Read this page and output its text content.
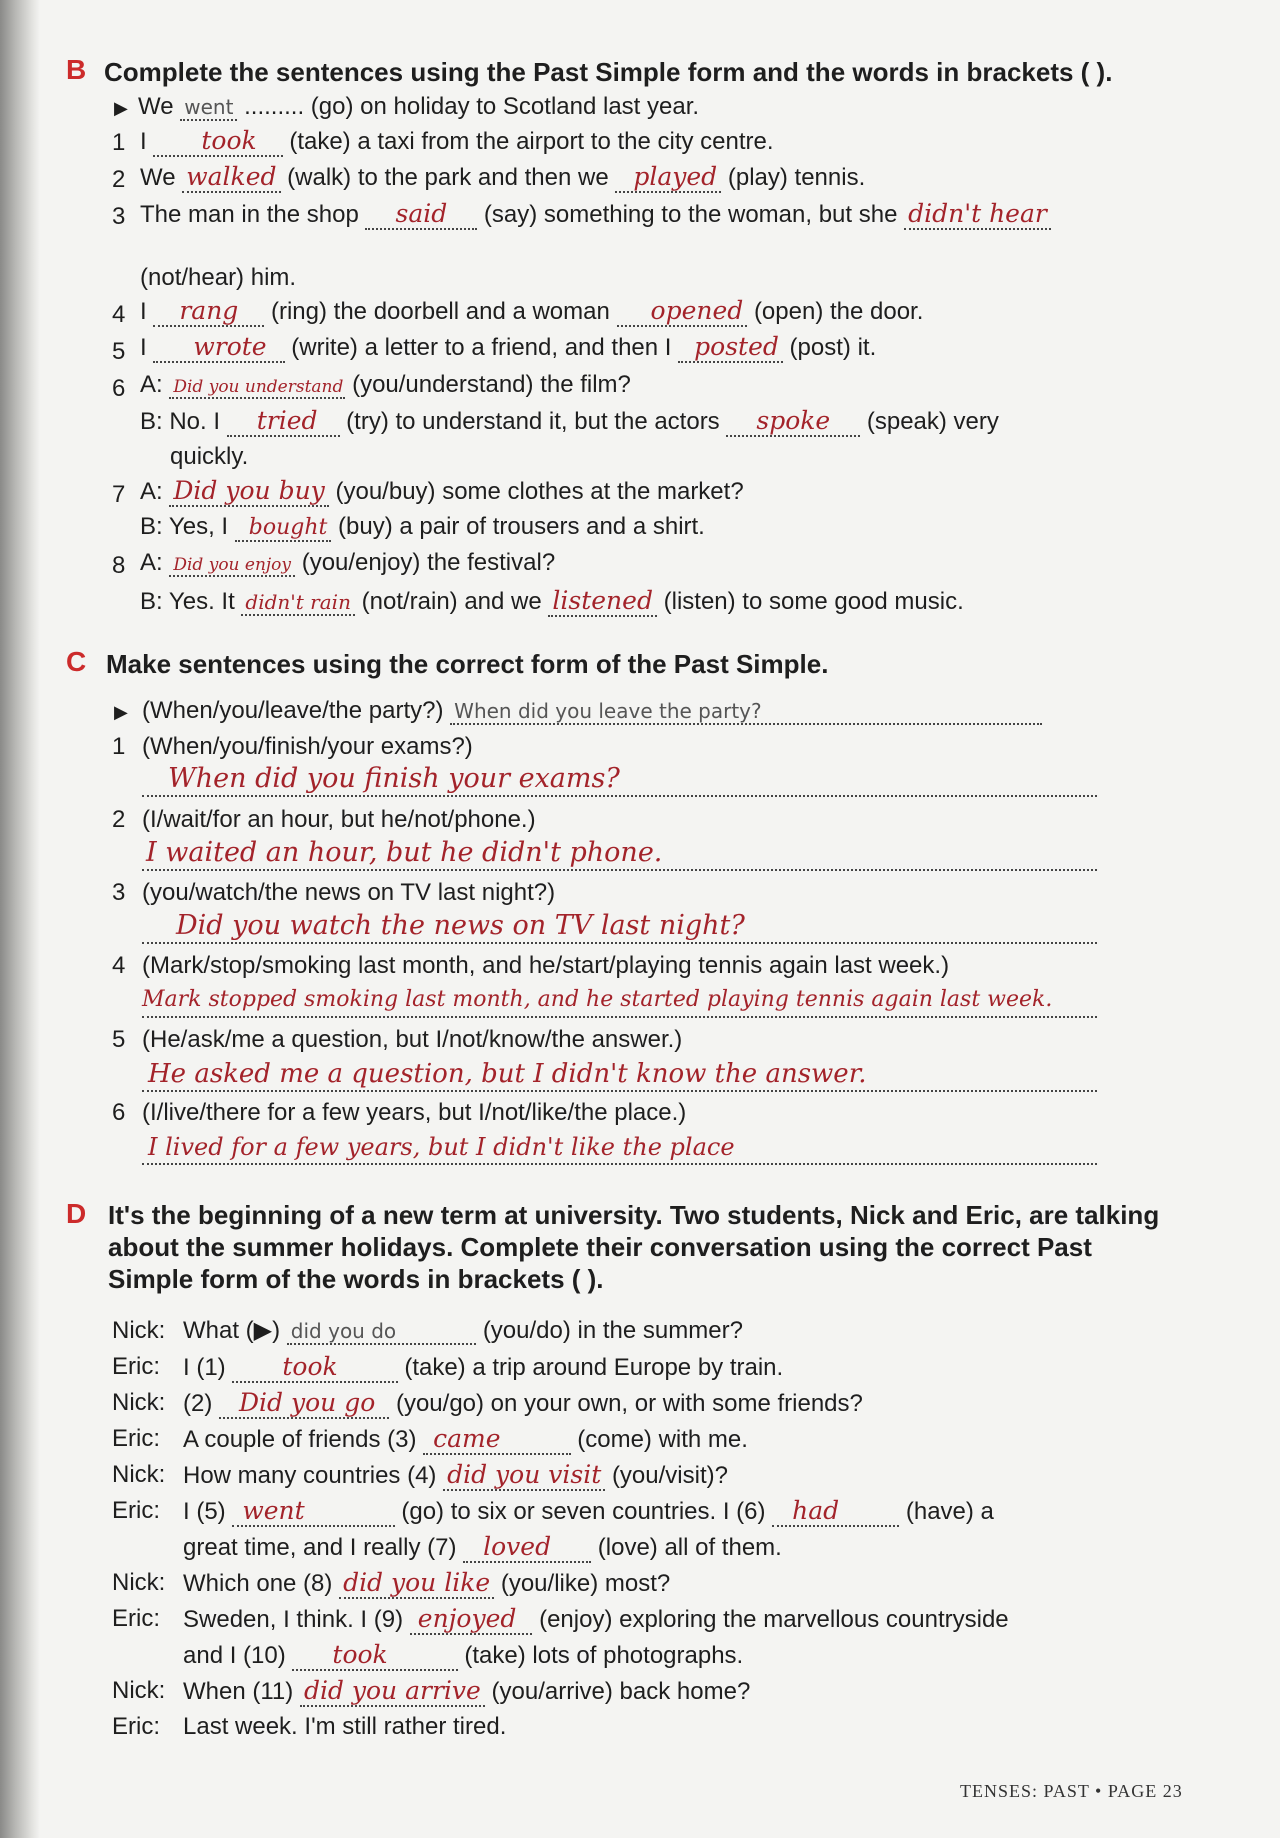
B Complete the sentences using the Past Simple form and the words in brackets ( ).
▶ We went ......... (go) on holiday to Scotland last year.
1 I took (take) a taxi from the airport to the city centre.
2 We walked (walk) to the park and then we played (play) tennis.
3 The man in the shop said (say) something to the woman, but she didn't hear
(not/hear) him.
4 I rang (ring) the doorbell and a woman opened (open) the door.
5 I wrote (write) a letter to a friend, and then I posted (post) it.
6 A: Did you understand (you/understand) the film?
B: No. I tried (try) to understand it, but the actors spoke (speak) very
quickly.
7 A: Did you buy (you/buy) some clothes at the market?
B: Yes, I bought (buy) a pair of trousers and a shirt.
8 A: Did you enjoy (you/enjoy) the festival?
B: Yes. It didn't rain (not/rain) and we listened (listen) to some good music.
C Make sentences using the correct form of the Past Simple.
▶ (When/you/leave/the party?) When did you leave the party?
1 (When/you/finish/your exams?)
When did you finish your exams?
2 (I/wait/for an hour, but he/not/phone.)
I waited an hour, but he didn't phone.
3 (you/watch/the news on TV last night?)
Did you watch the news on TV last night?
4 (Mark/stop/smoking last month, and he/start/playing tennis again last week.)
Mark stopped smoking last month, and he started playing tennis again last week.
5 (He/ask/me a question, but I/not/know/the answer.)
He asked me a question, but I didn't know the answer.
6 (I/live/there for a few years, but I/not/like/the place.)
I lived for a few years, but I didn't like the place
D It's the beginning of a new term at university. Two students, Nick and Eric, are talking
about the summer holidays. Complete their conversation using the correct Past
Simple form of the words in brackets ( ).
Nick: What (▶) did you do	(you/do) in the summer?
Eric: I (1) took	(take) a trip around Europe by train.
Nick: (2) Did you go (you/go) on your own, or with some friends?
Eric: A couple of friends (3) came	(come) with me.
Nick: How many countries (4) did you visit (you/visit)?
Eric: I (5) went	(go) to six or seven countries. I (6) had	(have) a
great time, and I really (7) loved (love) all of them.
Nick: Which one (8) did you like (you/like) most?
Eric: Sweden, I think. I (9) enjoyed (enjoy) exploring the marvellous countryside
and I (10) took	(take) lots of photographs.
Nick: When (11) did you arrive (you/arrive) back home?
Eric: Last week. I'm still rather tired.
TENSES: PAST • PAGE 23
